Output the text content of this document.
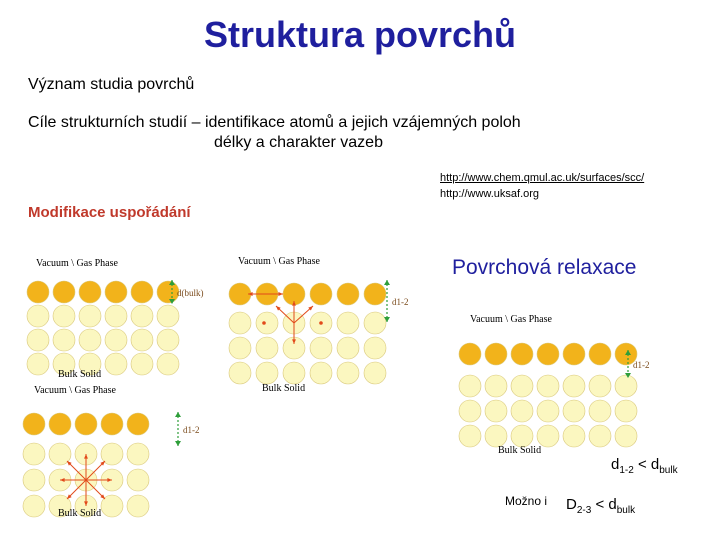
Struktura povrchů
Význam studia povrchů
Cíle strukturních studií – identifikace atomů a jejich vzájemných poloh
délky a charakter vazeb
http://www.chem.qmul.ac.uk/surfaces/scc/
http://www.uksaf.org
Modifikace uspořádání
Povrchová relaxace
$d_{1-2} < d_{bulk}$
Možno i $D_{2-3} < d_{bulk}$
Vacuum \ Gas Phase
d(bulk)
Bulk Solid
Vacuum \ Gas Phase
d1-2
Bulk Solid
Vacuum \ Gas Phase
d1-2
Bulk Solid
Vacuum \ Gas Phase
d1-2
Bulk Solid
